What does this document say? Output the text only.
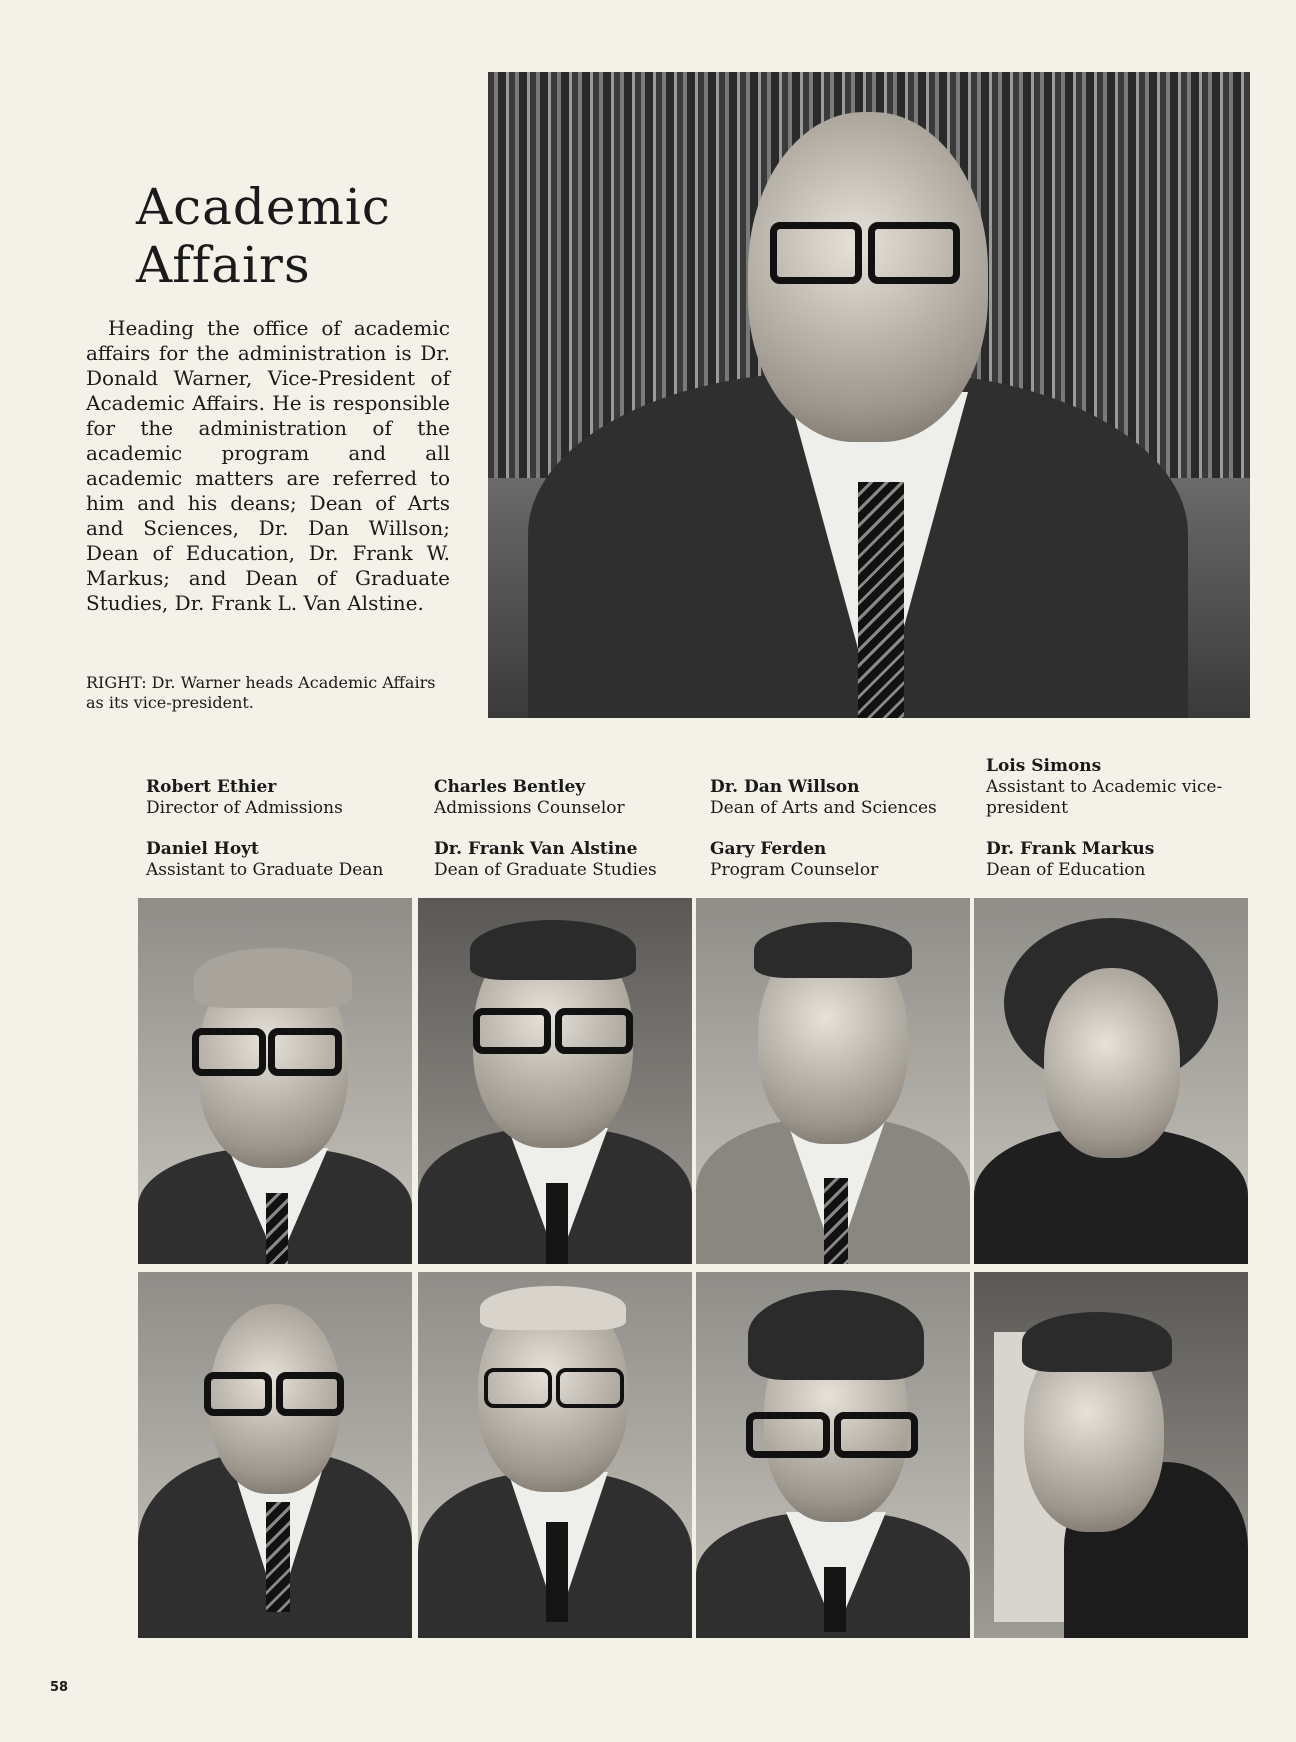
Academic
Affairs

Heading the office of academic affairs for the administration is Dr. Donald Warner, Vice-President of Academic Affairs. He is responsible for the administration of the academic program and all academic matters are referred to him and his deans; Dean of Arts and Sciences, Dr. Dan Willson; Dean of Education, Dr. Frank W. Markus; and Dean of Graduate Studies, Dr. Frank L. Van Alstine.

RIGHT: Dr. Warner heads Academic Affairs as its vice-president.

Robert Ethier
Director of Admissions
Charles Bentley
Admissions Counselor
Dr. Dan Willson
Dean of Arts and Sciences
Lois Simons
Assistant to Academic vice-president
Daniel Hoyt
Assistant to Graduate Dean
Dr. Frank Van Alstine
Dean of Graduate Studies
Gary Ferden
Program Counselor
Dr. Frank Markus
Dean of Education
58
